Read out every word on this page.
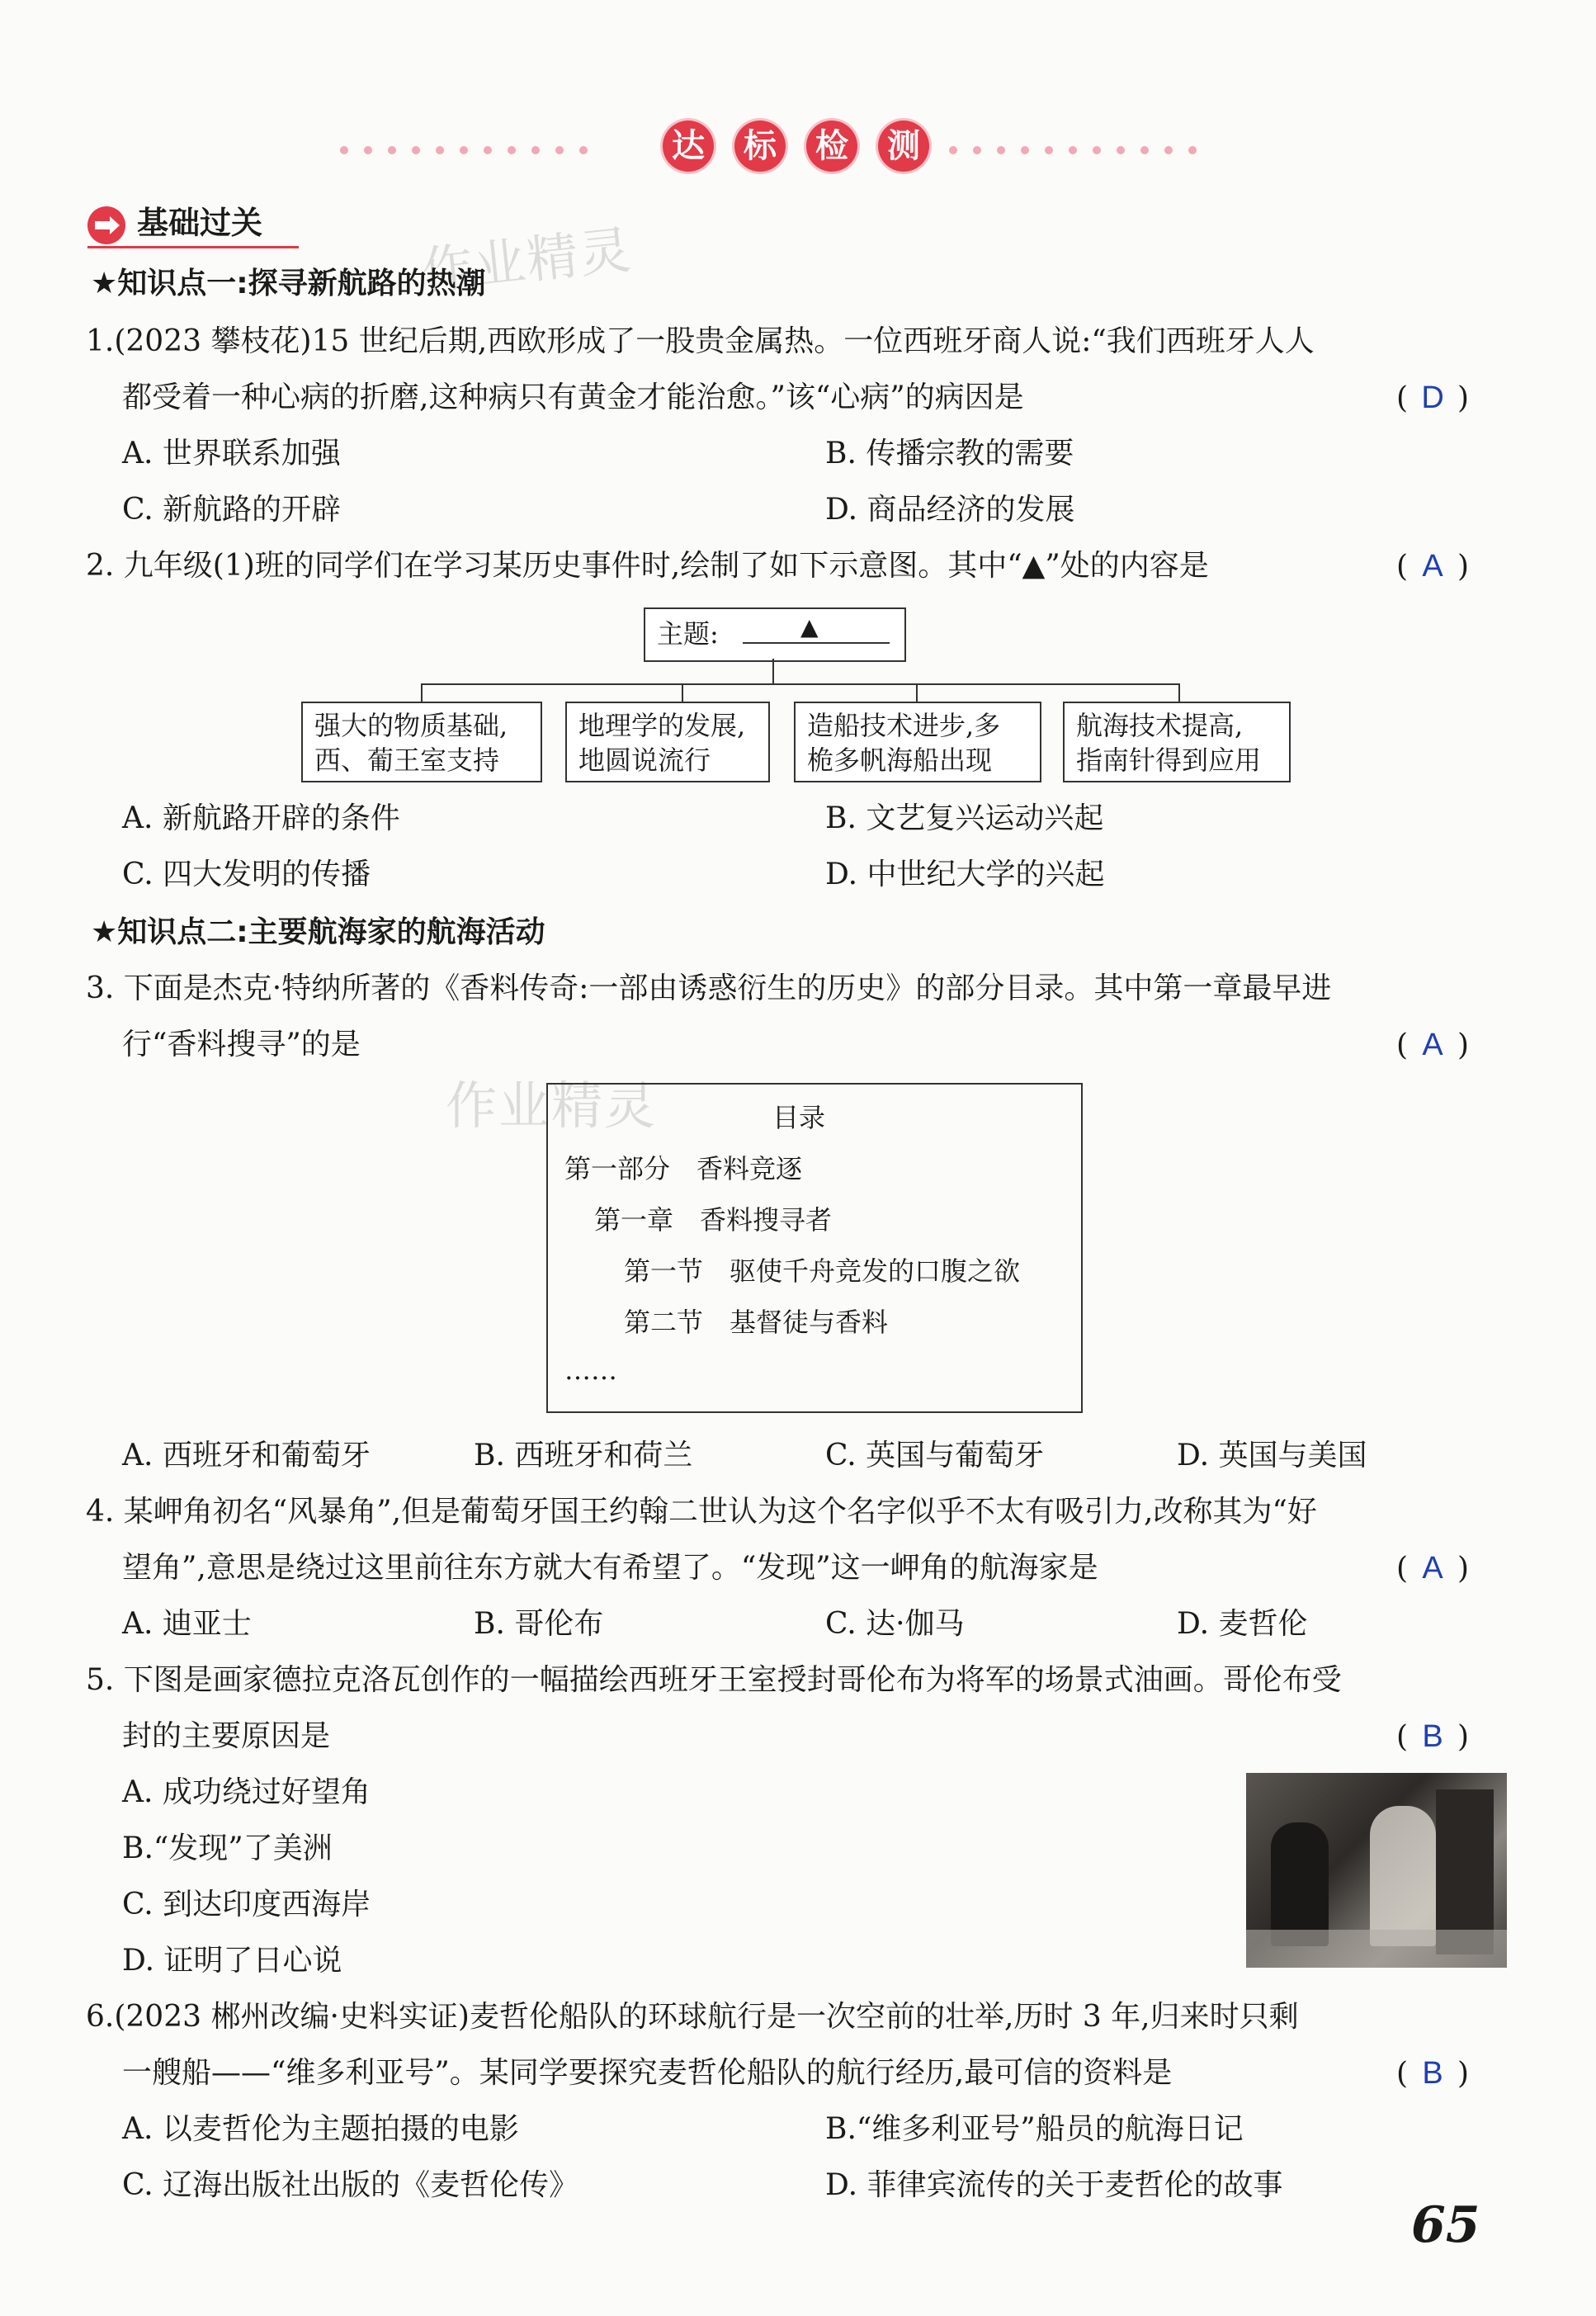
达 标 检 测
基础过关	作业精灵
★知识点一:探寻新航路的热潮
1.(2023 攀枝花)15 世纪后期,西欧形成了一股贵金属热。一位西班牙商人说:“我们西班牙人人
都受着一种心病的折磨,这种病只有黄金才能治愈。”该“心病”的病因是	( D )
A. 世界联系加强	B. 传播宗教的需要
C. 新航路的开辟	D. 商品经济的发展
2. 九年级(1)班的同学们在学习某历史事件时,绘制了如下示意图。其中“▲”处的内容是	( A )
主题:	▲
强大的物质基础,
西、葡王室支持
地理学的发展,
地圆说流行
造船技术进步,多
桅多帆海船出现
航海技术提高,
指南针得到应用
A. 新航路开辟的条件	B. 文艺复兴运动兴起
C. 四大发明的传播	D. 中世纪大学的兴起
★知识点二:主要航海家的航海活动
3. 下面是杰克·特纳所著的《香料传奇:一部由诱惑衍生的历史》的部分目录。其中第一章最早进
行“香料搜寻”的是	( A )
作业精灵	目录
第一部分　香料竞逐
第一章　香料搜寻者
第一节　驱使千舟竞发的口腹之欲
第二节　基督徒与香料
……
A. 西班牙和葡萄牙	B. 西班牙和荷兰	C. 英国与葡萄牙	D. 英国与美国
4. 某岬角初名“风暴角”,但是葡萄牙国王约翰二世认为这个名字似乎不太有吸引力,改称其为“好
望角”,意思是绕过这里前往东方就大有希望了。“发现”这一岬角的航海家是	( A )
A. 迪亚士	B. 哥伦布	C. 达·伽马	D. 麦哲伦
5. 下图是画家德拉克洛瓦创作的一幅描绘西班牙王室授封哥伦布为将军的场景式油画。哥伦布受
封的主要原因是	( B )
A. 成功绕过好望角
B.“发现”了美洲
C. 到达印度西海岸
D. 证明了日心说
6.(2023 郴州改编·史料实证)麦哲伦船队的环球航行是一次空前的壮举,历时 3 年,归来时只剩
一艘船——“维多利亚号”。某同学要探究麦哲伦船队的航行经历,最可信的资料是	( B )
A. 以麦哲伦为主题拍摄的电影	B.“维多利亚号”船员的航海日记
C. 辽海出版社出版的《麦哲伦传》	D. 菲律宾流传的关于麦哲伦的故事
65
